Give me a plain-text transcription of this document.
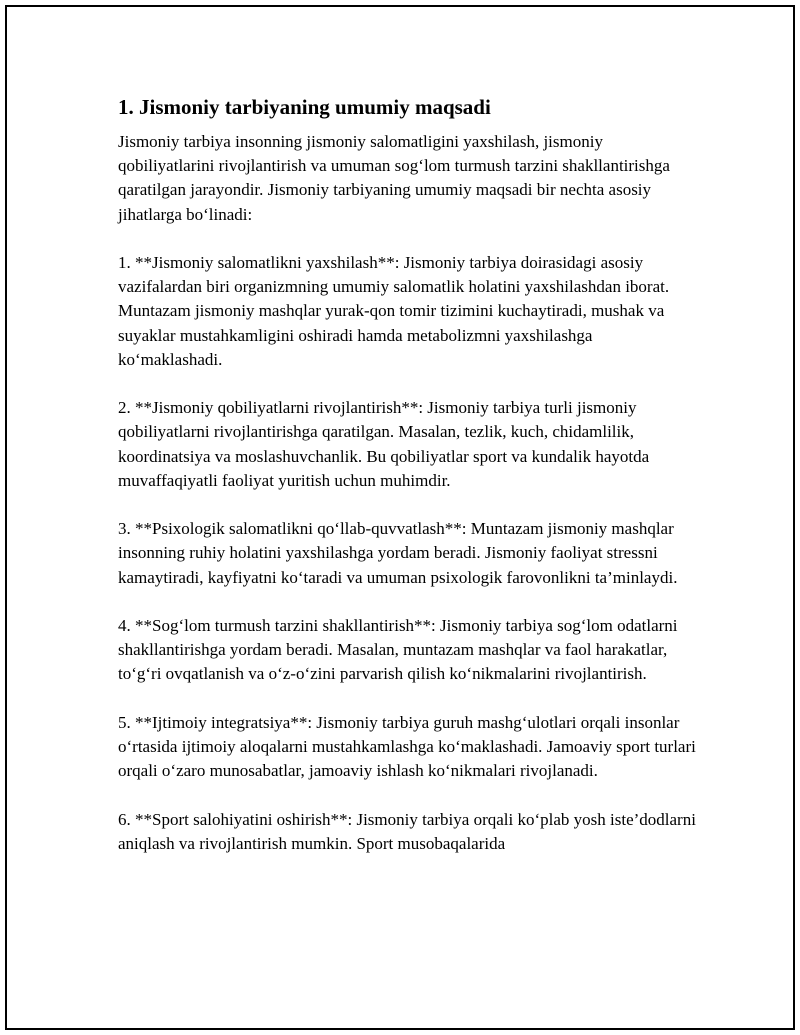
1. Jismoniy tarbiyaning umumiy maqsadi

Jismoniy tarbiya insonning jismoniy salomatligini yaxshilash, jismoniy qobiliyatlarini rivojlantirish va umuman sog‘lom turmush tarzini shakllantirishga qaratilgan jarayondir. Jismoniy tarbiyaning umumiy maqsadi bir nechta asosiy jihatlarga bo‘linadi:

1. **Jismoniy salomatlikni yaxshilash**: Jismoniy tarbiya doirasidagi asosiy vazifalardan biri organizmning umumiy salomatlik holatini yaxshilashdan iborat. Muntazam jismoniy mashqlar yurak-qon tomir tizimini kuchaytiradi, mushak va suyaklar mustahkamligini oshiradi hamda metabolizmni yaxshilashga ko‘maklashadi.

2. **Jismoniy qobiliyatlarni rivojlantirish**: Jismoniy tarbiya turli jismoniy qobiliyatlarni rivojlantirishga qaratilgan. Masalan, tezlik, kuch, chidamlilik, koordinatsiya va moslashuvchanlik. Bu qobiliyatlar sport va kundalik hayotda muvaffaqiyatli faoliyat yuritish uchun muhimdir.

3. **Psixologik salomatlikni qo‘llab-quvvatlash**: Muntazam jismoniy mashqlar insonning ruhiy holatini yaxshilashga yordam beradi. Jismoniy faoliyat stressni kamaytiradi, kayfiyatni ko‘taradi va umuman psixologik farovonlikni ta’minlaydi.

4. **Sog‘lom turmush tarzini shakllantirish**: Jismoniy tarbiya sog‘lom odatlarni shakllantirishga yordam beradi. Masalan, muntazam mashqlar va faol harakatlar, to‘g‘ri ovqatlanish va o‘z-o‘zini parvarish qilish ko‘nikmalarini rivojlantirish.

5. **Ijtimoiy integratsiya**: Jismoniy tarbiya guruh mashg‘ulotlari orqali insonlar o‘rtasida ijtimoiy aloqalarni mustahkamlashga ko‘maklashadi. Jamoaviy sport turlari orqali o‘zaro munosabatlar, jamoaviy ishlash ko‘nikmalari rivojlanadi.

6. **Sport salohiyatini oshirish**: Jismoniy tarbiya orqali ko‘plab yosh iste’dodlarni aniqlash va rivojlantirish mumkin. Sport musobaqalarida
